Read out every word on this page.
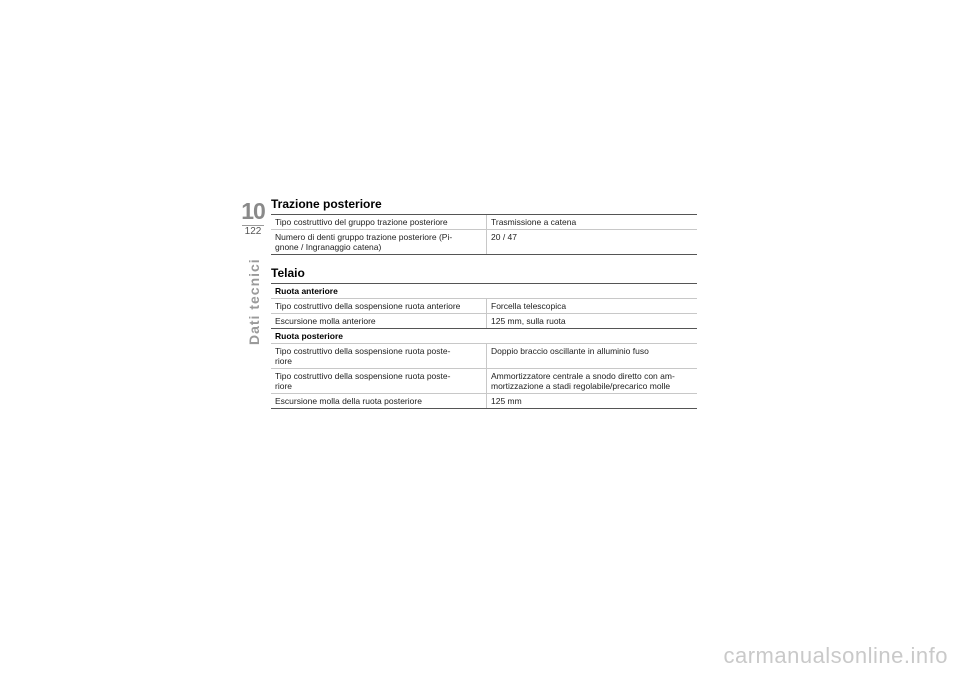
10
122
Dati tecnici
Trazione posteriore
Tipo costruttivo del gruppo trazione posteriore	Trasmissione a catena
Numero di denti gruppo trazione posteriore (Pi-
gnone / Ingranaggio catena)	20 / 47
Telaio
Ruota anteriore	
Tipo costruttivo della sospensione ruota anteriore	Forcella telescopica
Escursione molla anteriore	125 mm, sulla ruota
Ruota posteriore	
Tipo costruttivo della sospensione ruota poste-
riore	Doppio braccio oscillante in alluminio fuso
Tipo costruttivo della sospensione ruota poste-
riore	Ammortizzatore centrale a snodo diretto con am-
mortizzazione a stadi regolabile/precarico molle
Escursione molla della ruota posteriore	125 mm
carmanualsonline.info
